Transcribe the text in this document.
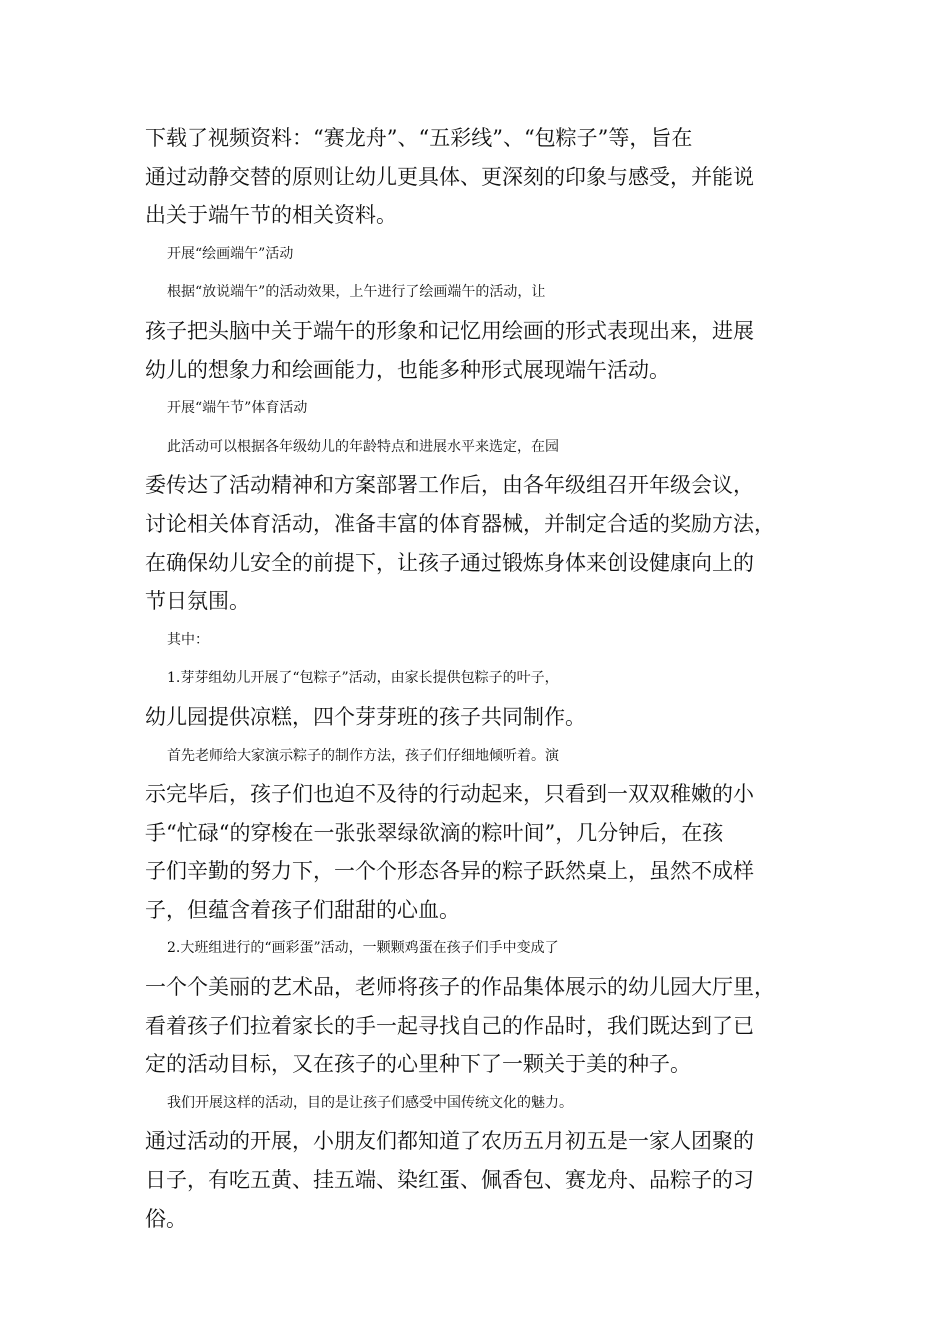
下载了视频资料：“赛龙舟”、“五彩线”、“包粽子”等，旨在
通过动静交替的原则让幼儿更具体、更深刻的印象与感受，并能说
出关于端午节的相关资料。
开展“绘画端午”活动
根据“放说端午”的活动效果，上午进行了绘画端午的活动，让
孩子把头脑中关于端午的形象和记忆用绘画的形式表现出来，进展
幼儿的想象力和绘画能力，也能多种形式展现端午活动。
开展“端午节”体育活动
此活动可以根据各年级幼儿的年龄特点和进展水平来选定，在园
委传达了活动精神和方案部署工作后，由各年级组召开年级会议，
讨论相关体育活动，准备丰富的体育器械，并制定合适的奖励方法，
在确保幼儿安全的前提下，让孩子通过锻炼身体来创设健康向上的
节日氛围。
其中：
1.芽芽组幼儿开展了“包粽子”活动，由家长提供包粽子的叶子，
幼儿园提供凉糕，四个芽芽班的孩子共同制作。
首先老师给大家演示粽子的制作方法，孩子们仔细地倾听着。演
示完毕后，孩子们也迫不及待的行动起来，只看到一双双稚嫩的小
手“忙碌“的穿梭在一张张翠绿欲滴的粽叶间”，几分钟后，在孩
子们辛勤的努力下，一个个形态各异的粽子跃然桌上，虽然不成样
子，但蕴含着孩子们甜甜的心血。
2.大班组进行的“画彩蛋”活动，一颗颗鸡蛋在孩子们手中变成了
一个个美丽的艺术品，老师将孩子的作品集体展示的幼儿园大厅里，
看着孩子们拉着家长的手一起寻找自己的作品时，我们既达到了已
定的活动目标，又在孩子的心里种下了一颗关于美的种子。
我们开展这样的活动，目的是让孩子们感受中国传统文化的魅力。
通过活动的开展，小朋友们都知道了农历五月初五是一家人团聚的
日子，有吃五黄、挂五端、染红蛋、佩香包、赛龙舟、品粽子的习
俗。
